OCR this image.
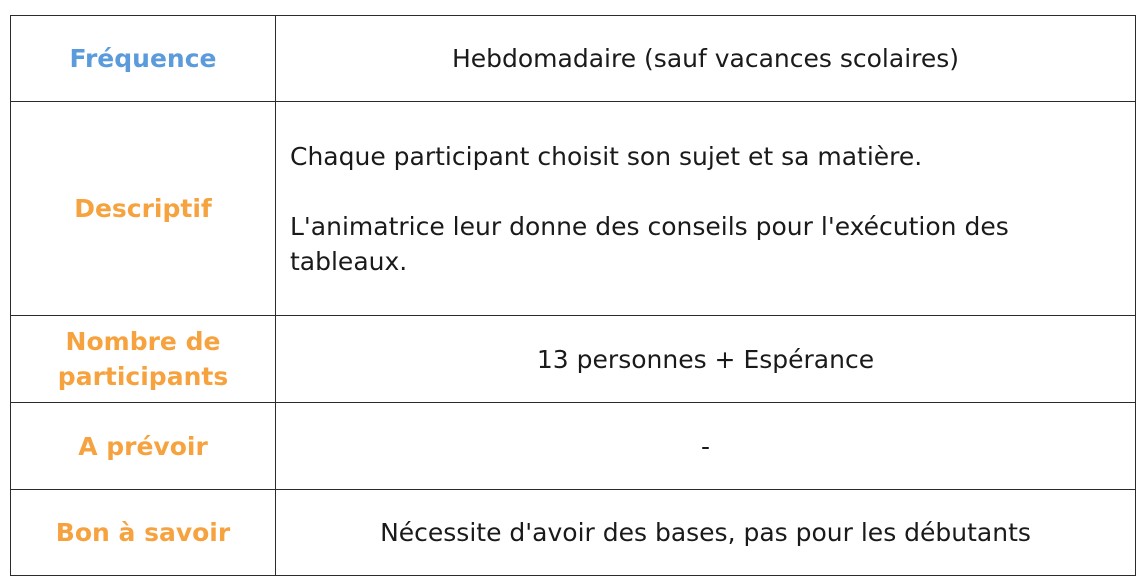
Fréquence	Hebdomadaire (sauf vacances scolaires)
Descriptif	Chaque participant choisit son sujet et sa matière.

L'animatrice leur donne des conseils pour l'exécution des tableaux.

Nombre de participants	13 personnes + Espérance
A prévoir	-
Bon à savoir	Nécessite d'avoir des bases, pas pour les débutants
